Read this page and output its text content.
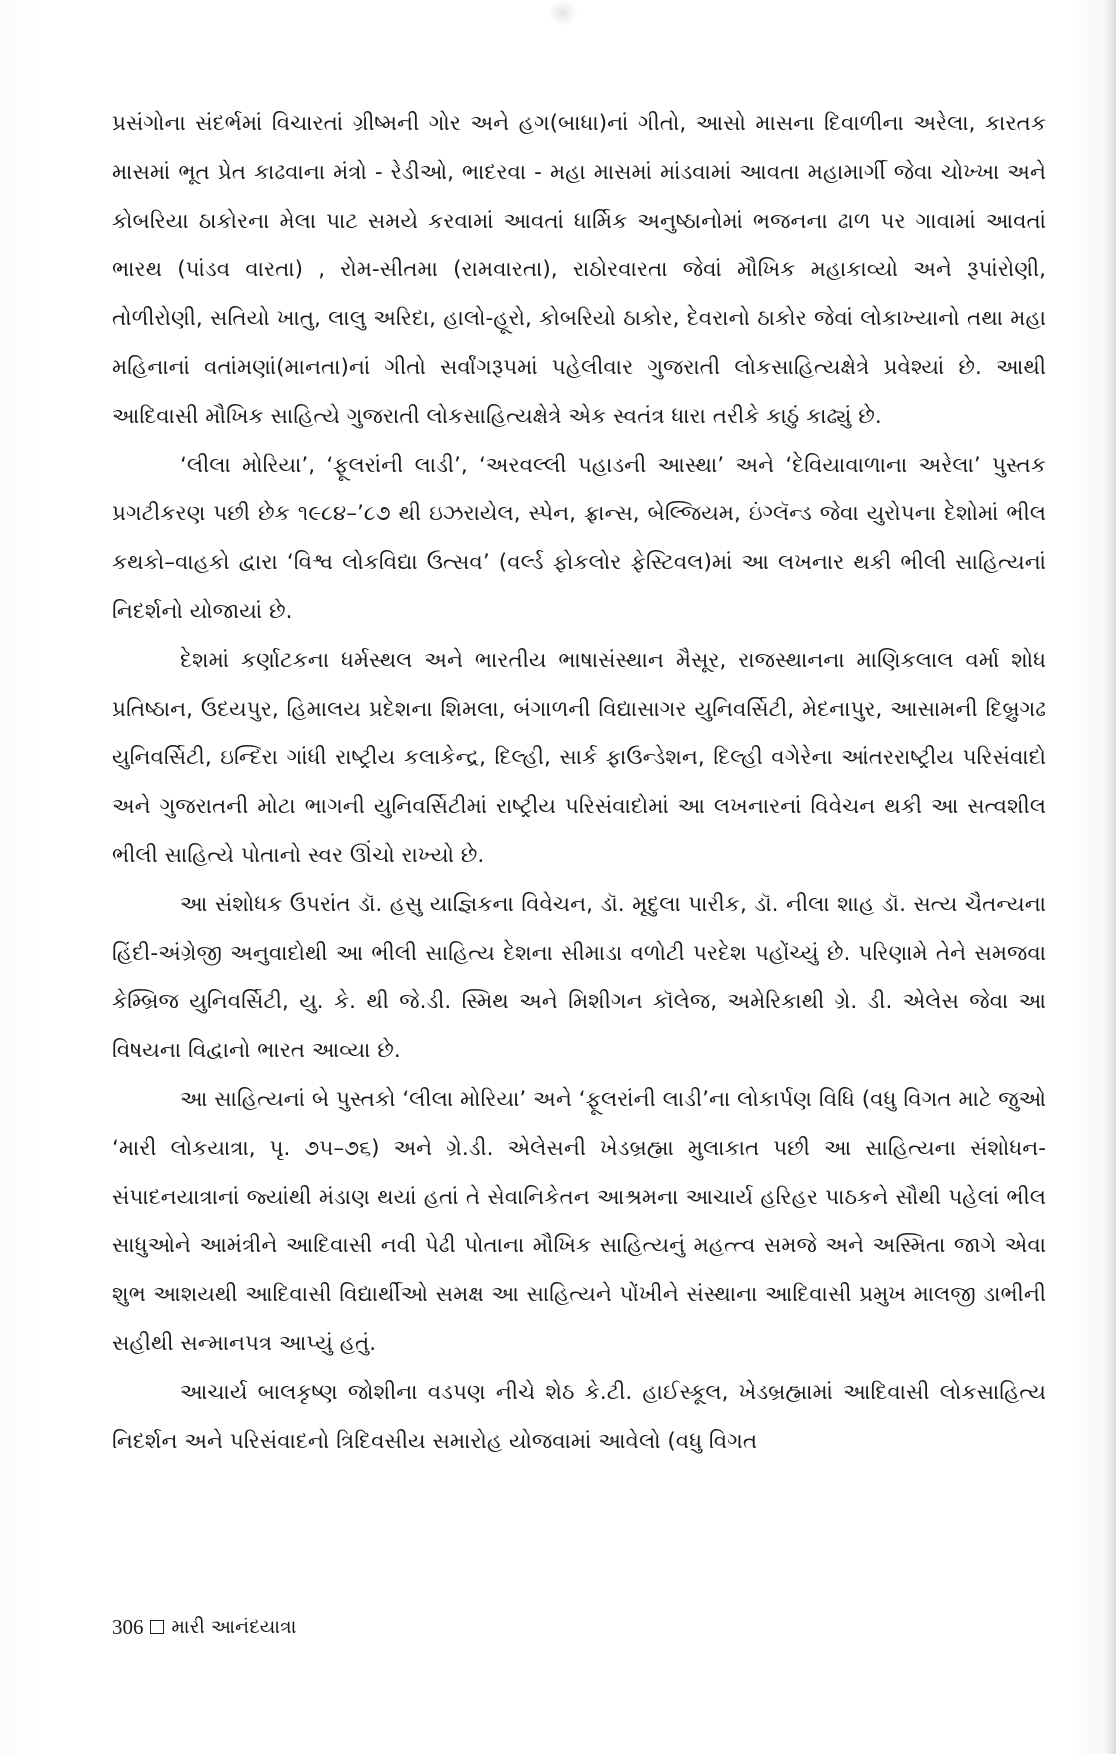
પ્રસંગોના સંદર્ભમાં વિચારતાં ગ્રીષ્મની ગોર અને હગ(બાધા)નાં ગીતો, આસો માસના દિવાળીના અરેલા, કારતક માસમાં ભૂત પ્રેત કાઢવાના મંત્રો - રેડીઓ, ભાદરવા - મહા માસમાં માંડવામાં આવતા મહામાર્ગી જેવા ચોખ્ખા અને કોબરિયા ઠાકોરના મેલા પાટ સમયે કરવામાં આવતાં ધાર્મિક અનુષ્ઠાનોમાં ભજનના ઢાળ પર ગાવામાં આવતાં ભારથ (પાંડવ વારતા) , રોમ-સીતમા (રામવારતા), રાઠોરવારતા જેવાં મૌખિક મહાકાવ્યો અને રૂપાંરોણી, તોળીરોણી, સતિયો ખાતુ, લાલુ અરિદા, હાલો-હૂરો, કોબરિયો ઠાકોર, દેવરાનો ઠાકોર જેવાં લોકાખ્યાનો તથા મહા મહિનાનાં વતાંમણાં(માનતા)નાં ગીતો સર્વાંગરૂપમાં પહેલીવાર ગુજરાતી લોકસાહિત્યક્ષેત્રે પ્રવેશ્યાં છે. આથી આદિવાસી મૌખિક સાહિત્યે ગુજરાતી લોકસાહિત્યક્ષેત્રે એક સ્વતંત્ર ધારા તરીકે કાઠું કાઢ્યું છે.

‘લીલા મોરિયા’, ‘ફૂલરાંની લાડી’, ‘અરવલ્લી પહાડની આસ્થા’ અને ‘દેવિયાવાળાના અરેલા’ પુસ્તક પ્રગટીકરણ પછી છેક ૧૯૮૪–’૮૭ થી ઇઝરાયેલ, સ્પેન, ફ્રાન્સ, બેલ્જિયમ, ઇંગ્લૅન્ડ જેવા યુરોપના દેશોમાં ભીલ કથકો–વાહકો દ્વારા ‘વિશ્વ લોકવિદ્યા ઉત્સવ’ (વર્લ્ડ ફોકલોર ફેસ્ટિવલ)માં આ લખનાર થકી ભીલી સાહિત્યનાં નિદર્શનો યોજાયાં છે.

દેશમાં કર્ણાટકના ધર્મસ્થલ અને ભારતીય ભાષાસંસ્થાન મૈસૂર, રાજસ્થાનના માણિકલાલ વર્મા શોધ પ્રતિષ્ઠાન, ઉદયપુર, હિમાલય પ્રદેશના શિમલા, બંગાળની વિદ્યાસાગર યુનિવર્સિટી, મેદનાપુર, આસામની દિબ્રુગઢ યુનિવર્સિટી, ઇન્દિરા ગાંધી રાષ્ટ્રીય કલાકેન્દ્ર, દિલ્હી, સાર્ક ફાઉન્ડેશન, દિલ્હી વગેરેના આંતરરાષ્ટ્રીય પરિસંવાદો અને ગુજરાતની મોટા ભાગની યુનિવર્સિટીમાં રાષ્ટ્રીય પરિસંવાદોમાં આ લખનારનાં વિવેચન થકી આ સત્વશીલ ભીલી સાહિત્યે પોતાનો સ્વર ઊંચો રાખ્યો છે.

આ સંશોધક ઉપરાંત ડૉ. હસુ યાજ્ઞિકના વિવેચન, ડૉ. મૃદુલા પારીક, ડૉ. નીલા શાહ ડૉ. સત્ય ચૈતન્યના હિંદી-અંગ્રેજી અનુવાદોથી આ ભીલી સાહિત્ય દેશના સીમાડા વળોટી પરદેશ પહોંચ્યું છે. પરિણામે તેને સમજવા કેમ્બ્રિજ યુનિવર્સિટી, યુ. કે. થી જે.ડી. સ્મિથ અને મિશીગન કૉલેજ, અમેરિકાથી ગ્રે. ડી. એલેસ જેવા આ વિષયના વિદ્વાનો ભારત આવ્યા છે.

આ સાહિત્યનાં બે પુસ્તકો ‘લીલા મોરિયા’ અને ‘ફૂલરાંની લાડી’ના લોકાર્પણ વિધિ (વધુ વિગત માટે જુઓ ‘મારી લોકયાત્રા, પૃ. ૭૫–૭૬) અને ગ્રે.ડી. એલેસની ખેડબ્રહ્મા મુલાકાત પછી આ સાહિત્યના સંશોધન-સંપાદનયાત્રાનાં જ્યાંથી મંડાણ થયાં હતાં તે સેવાનિકેતન આશ્રમના આચાર્ય હરિહર પાઠકને સૌથી પહેલાં ભીલ સાધુઓને આમંત્રીને આદિવાસી નવી પેઢી પોતાના મૌખિક સાહિત્યનું મહત્ત્વ સમજે અને અસ્મિતા જાગે એવા શુભ આશયથી આદિવાસી વિદ્યાર્થીઓ સમક્ષ આ સાહિત્યને પોંખીને સંસ્થાના આદિવાસી પ્રમુખ માલજી ડાભીની સહીથી સન્માનપત્ર આપ્યું હતું.

આચાર્ય બાલકૃષ્ણ જોશીના વડપણ નીચે શેઠ કે.ટી. હાઈસ્કૂલ, ખેડબ્રહ્મામાં આદિવાસી લોકસાહિત્ય નિદર્શન અને પરિસંવાદનો ત્રિદિવસીય સમારોહ યોજવામાં આવેલો (વધુ વિગત

306 મારી આનંદયાત્રા
